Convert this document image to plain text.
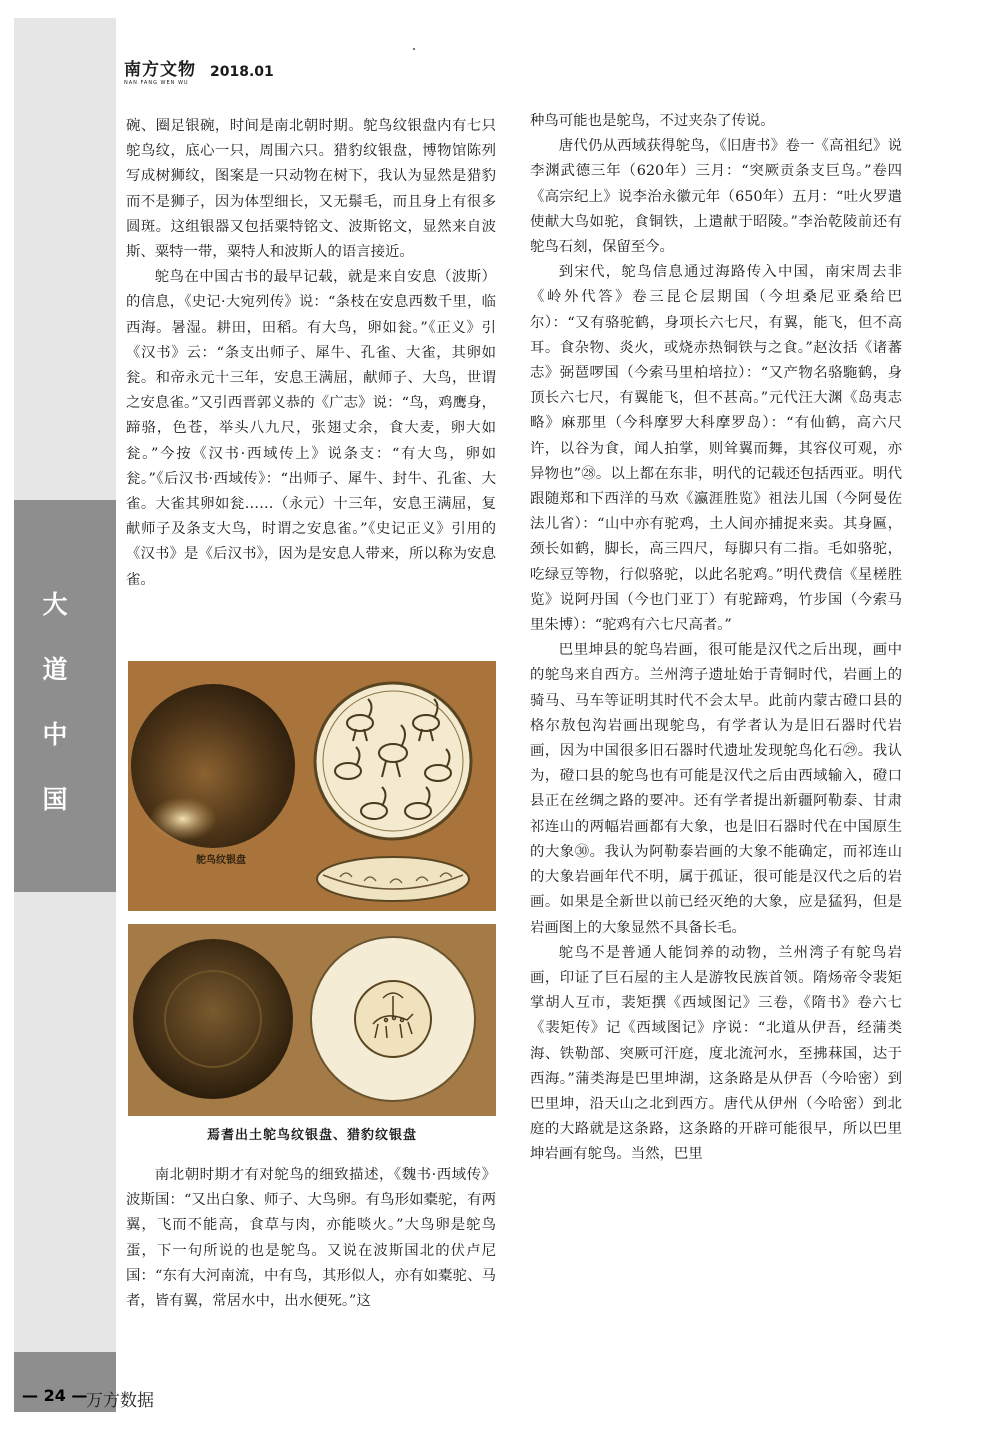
大
道
中
国
南方文物
NAN FANG WEN WU
2018.01

碗、圈足银碗，时间是南北朝时期。鸵鸟纹银盘内有七只鸵鸟纹，底心一只，周围六只。猎豹纹银盘，博物馆陈列写成树狮纹，图案是一只动物在树下，我认为显然是猎豹而不是狮子，因为体型细长，又无鬃毛，而且身上有很多圆斑。这组银器又包括粟特铭文、波斯铭文，显然来自波斯、粟特一带，粟特人和波斯人的语言接近。

鸵鸟在中国古书的最早记载，就是来自安息（波斯）的信息，《史记·大宛列传》说：“条枝在安息西数千里，临西海。暑湿。耕田，田稻。有大鸟，卵如瓮。”《正义》引《汉书》云：“条支出师子、犀牛、孔雀、大雀，其卵如瓮。和帝永元十三年，安息王满屈，献师子、大鸟，世谓之安息雀。”又引西晋郭义恭的《广志》说：“鸟，鸡鹰身，蹄骆，色苍，举头八九尺，张翅丈余，食大麦，卵大如瓮。”今按《汉书·西域传上》说条支：“有大鸟，卵如瓮。”《后汉书·西域传》：“出师子、犀牛、封牛、孔雀、大雀。大雀其卵如瓮……（永元）十三年，安息王满屈，复献师子及条支大鸟，时谓之安息雀。”《史记正义》引用的《汉书》是《后汉书》，因为是安息人带来，所以称为安息雀。

鸵鸟纹银盘
焉耆出土鸵鸟纹银盘、猎豹纹银盘

南北朝时期才有对鸵鸟的细致描述，《魏书·西域传》波斯国：“又出白象、师子、大鸟卵。有鸟形如橐驼，有两翼，飞而不能高，食草与肉，亦能啖火。”大鸟卵是鸵鸟蛋，下一句所说的也是鸵鸟。又说在波斯国北的伏卢尼国：“东有大河南流，中有鸟，其形似人，亦有如橐驼、马者，皆有翼，常居水中，出水便死。”这

种鸟可能也是鸵鸟，不过夹杂了传说。

唐代仍从西域获得鸵鸟，《旧唐书》卷一《高祖纪》说李渊武德三年（620年）三月：“突厥贡条支巨鸟。”卷四《高宗纪上》说李治永徽元年（650年）五月：“吐火罗遣使献大鸟如驼，食铜铁，上遣献于昭陵。”李治乾陵前还有鸵鸟石刻，保留至今。

到宋代，鸵鸟信息通过海路传入中国，南宋周去非《岭外代答》卷三昆仑层期国（今坦桑尼亚桑给巴尔）：“又有骆驼鹤，身项长六七尺，有翼，能飞，但不高耳。食杂物、炎火，或烧赤热铜铁与之食。”赵汝括《诸蕃志》弼琶啰国（今索马里柏培拉）：“又产物名骆駞鹤，身顶长六七尺，有翼能飞，但不甚高。”元代汪大渊《岛夷志略》麻那里（今科摩罗大科摩罗岛）：“有仙鹤，高六尺许，以谷为食，闻人拍掌，则耸翼而舞，其容仪可观，亦异物也”㉘。以上都在东非，明代的记载还包括西亚。明代跟随郑和下西洋的马欢《瀛涯胜览》祖法儿国（今阿曼佐法儿省）：“山中亦有驼鸡，土人间亦捕捉来卖。其身匾，颈长如鹤，脚长，高三四尺，每脚只有二指。毛如骆驼，吃绿豆等物，行似骆驼，以此名驼鸡。”明代费信《星槎胜览》说阿丹国（今也门亚丁）有驼蹄鸡，竹步国（今索马里朱博）：“驼鸡有六七尺高者。”

巴里坤县的鸵鸟岩画，很可能是汉代之后出现，画中的鸵鸟来自西方。兰州湾子遗址始于青铜时代，岩画上的骑马、马车等证明其时代不会太早。此前内蒙古磴口县的格尔敖包沟岩画出现鸵鸟，有学者认为是旧石器时代岩画，因为中国很多旧石器时代遗址发现鸵鸟化石㉙。我认为，磴口县的鸵鸟也有可能是汉代之后由西域输入，磴口县正在丝绸之路的要冲。还有学者提出新疆阿勒泰、甘肃祁连山的两幅岩画都有大象，也是旧石器时代在中国原生的大象㉚。我认为阿勒泰岩画的大象不能确定，而祁连山的大象岩画年代不明，属于孤证，很可能是汉代之后的岩画。如果是全新世以前已经灭绝的大象，应是猛犸，但是岩画图上的大象显然不具备长毛。

鸵鸟不是普通人能饲养的动物，兰州湾子有鸵鸟岩画，印证了巨石屋的主人是游牧民族首领。隋炀帝令裴矩掌胡人互市，裴矩撰《西域图记》三卷，《隋书》卷六七《裴矩传》记《西域图记》序说：“北道从伊吾，经蒲类海、铁勒部、突厥可汗庭，度北流河水，至拂菻国，达于西海。”蒲类海是巴里坤湖，这条路是从伊吾（今哈密）到巴里坤，沿天山之北到西方。唐代从伊州（今哈密）到北庭的大路就是这条路，这条路的开辟可能很早，所以巴里坤岩画有鸵鸟。当然，巴里

— 24 —
万方数据
